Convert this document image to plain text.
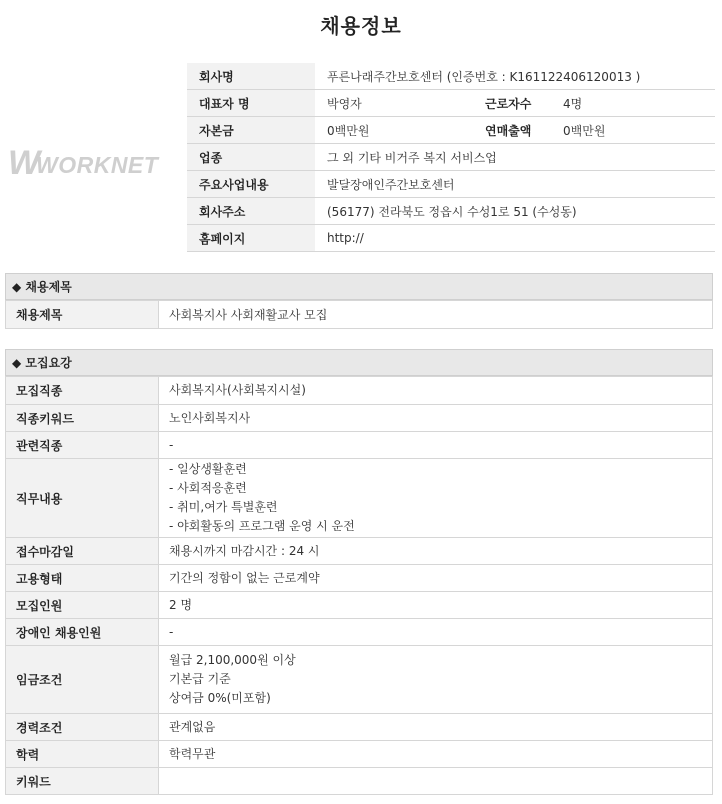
채용정보
W
WORKNET
회사명	푸른나래주간보호센터 (인증번호 : K161122406120013 )		
대표자 명	박영자	근로자수	4명
자본금	0백만원	연매출액	0백만원
업종	그 외 기타 비거주 복지 서비스업		
주요사업내용	발달장애인주간보호센터		
회사주소	(56177) 전라북도 정읍시 수성1로 51 (수성동)		
홈페이지	http://		
◆ 채용제목
채용제목	사회복지사 사회재활교사 모집
◆ 모집요강
모집직종	사회복지사(사회복지시설)

직종키워드	노인사회복지사

관련직종	-

직무내용	- 일상생활훈련
- 사회적응훈련
- 취미,여가 특별훈련
- 야회활동의 프로그램 운영 시 운전

접수마감일	채용시까지 마감시간 : 24 시

고용형태	기간의 정함이 없는 근로계약

모집인원	2 명

장애인 채용인원	-

임금조건	월급 2,100,000원 이상
기본급 기준
상여금 0%(미포함)

경력조건	관계없음

학력	학력무관

키워드	
